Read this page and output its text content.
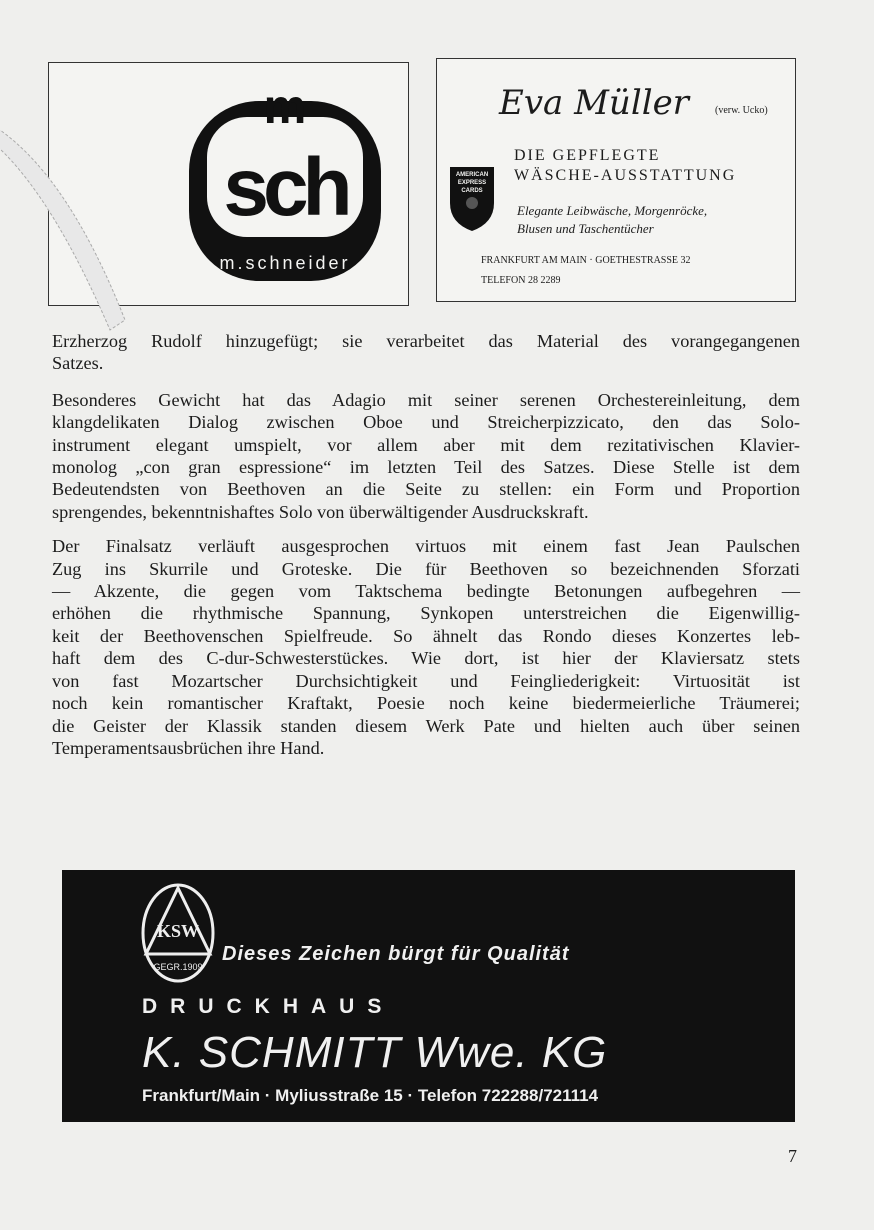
m
sch
m.schneider
Eva Müller	(verw. Ucko)
DIE GEPFLEGTE
WÄSCHE-AUSSTATTUNG
AMERICAN EXPRESS CARDS
Elegante Leibwäsche, Morgenröcke,
Blusen und Taschentücher
FRANKFURT AM MAIN · GOETHESTRASSE 32
TELEFON 28 2289
Erzherzog Rudolf hinzugefügt; sie verarbeitet das Material des vorangegangenen
Satzes.
Besonderes Gewicht hat das Adagio mit seiner serenen Orchestereinleitung, dem
klangdelikaten Dialog zwischen Oboe und Streicherpizzicato, den das Solo-
instrument elegant umspielt, vor allem aber mit dem rezitativischen Klavier-
monolog „con gran espressione“ im letzten Teil des Satzes. Diese Stelle ist dem
Bedeutendsten von Beethoven an die Seite zu stellen: ein Form und Proportion
sprengendes, bekenntnishaftes Solo von überwältigender Ausdruckskraft.
Der Finalsatz verläuft ausgesprochen virtuos mit einem fast Jean Paulschen
Zug ins Skurrile und Groteske. Die für Beethoven so bezeichnenden Sforzati
— Akzente, die gegen vom Taktschema bedingte Betonungen aufbegehren —
erhöhen die rhythmische Spannung, Synkopen unterstreichen die Eigenwillig-
keit der Beethovenschen Spielfreude. So ähnelt das Rondo dieses Konzertes leb-
haft dem des C-dur-Schwesterstückes. Wie dort, ist hier der Klaviersatz stets
von fast Mozartscher Durchsichtigkeit und Feingliederigkeit: Virtuosität ist
noch kein romantischer Kraftakt, Poesie noch keine biedermeierliche Träumerei;
die Geister der Klassik standen diesem Werk Pate und hielten auch über seinen
Temperamentsausbrüchen ihre Hand.
KSW
GEGR.1909
Dieses Zeichen bürgt für Qualität
DRUCKHAUS
K. SCHMITT Wwe. KG
Frankfurt/Main · Myliusstraße 15 · Telefon 722288/721114
7
